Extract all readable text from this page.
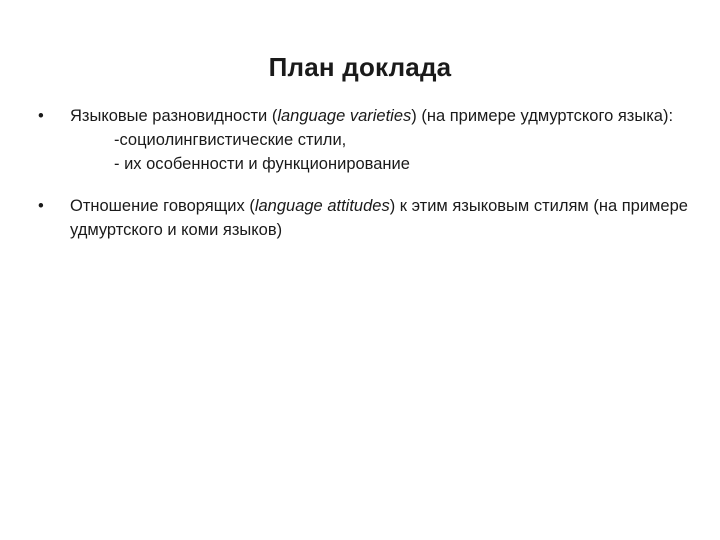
План доклада
•	Языковые разновидности (language varieties) (на примере удмуртского языка):
-социолингвистические стили,
- их особенности и функционирование
•	Отношение говорящих (language attitudes) к этим языковым стилям (на примере удмуртского и коми языков)
